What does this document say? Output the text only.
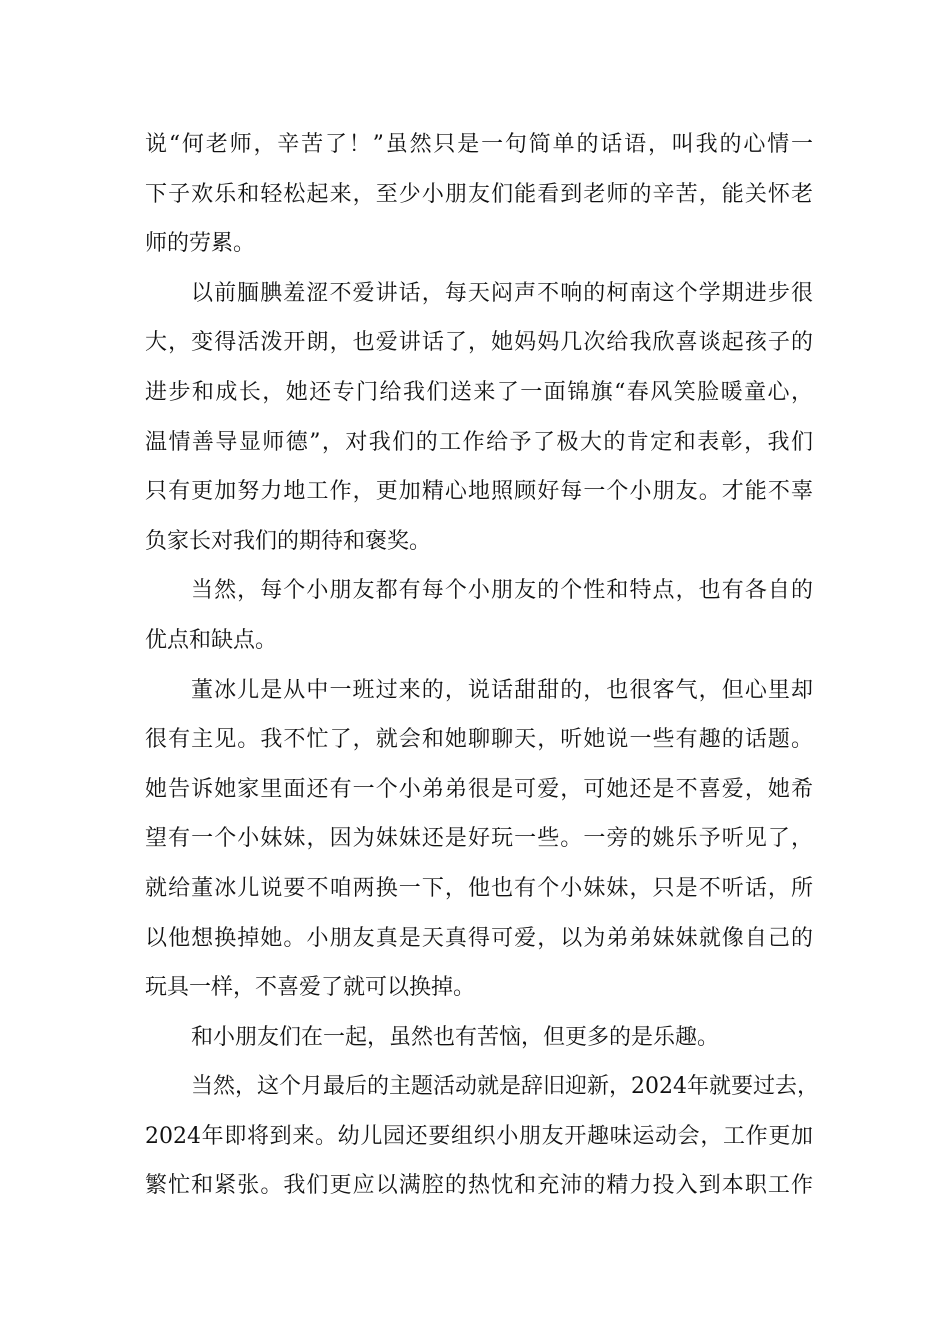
说“何老师，辛苦了！”虽然只是一句简单的话语，叫我的心情一
下子欢乐和轻松起来，至少小朋友们能看到老师的辛苦，能关怀老
师的劳累。
以前腼腆羞涩不爱讲话，每天闷声不响的柯南这个学期进步很
大，变得活泼开朗，也爱讲话了，她妈妈几次给我欣喜谈起孩子的
进步和成长，她还专门给我们送来了一面锦旗“春风笑脸暖童心，
温情善导显师德”，对我们的工作给予了极大的肯定和表彰，我们
只有更加努力地工作，更加精心地照顾好每一个小朋友。才能不辜
负家长对我们的期待和褒奖。
当然，每个小朋友都有每个小朋友的个性和特点，也有各自的
优点和缺点。
董冰儿是从中一班过来的，说话甜甜的，也很客气，但心里却
很有主见。我不忙了，就会和她聊聊天，听她说一些有趣的话题。
她告诉她家里面还有一个小弟弟很是可爱，可她还是不喜爱，她希
望有一个小妹妹，因为妹妹还是好玩一些。一旁的姚乐予听见了，
就给董冰儿说要不咱两换一下，他也有个小妹妹，只是不听话，所
以他想换掉她。小朋友真是天真得可爱，以为弟弟妹妹就像自己的
玩具一样，不喜爱了就可以换掉。
和小朋友们在一起，虽然也有苦恼，但更多的是乐趣。
当然，这个月最后的主题活动就是辞旧迎新，2024年就要过去，
2024年即将到来。幼儿园还要组织小朋友开趣味运动会，工作更加
繁忙和紧张。我们更应以满腔的热忱和充沛的精力投入到本职工作
